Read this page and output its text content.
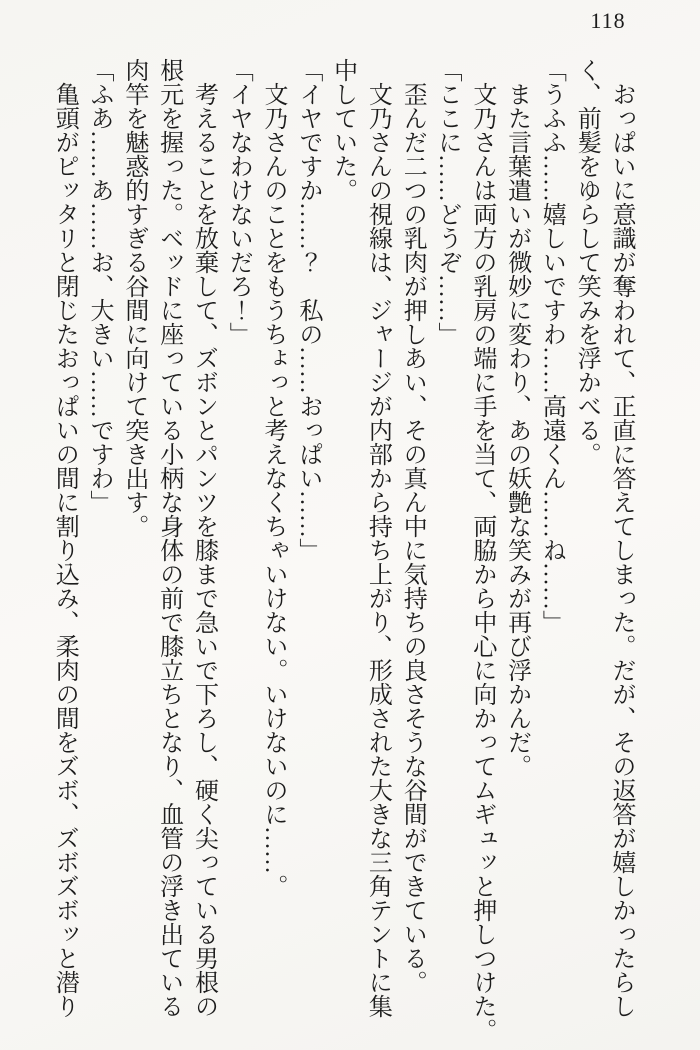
118

おっぱいに意識が奪われて、正直に答えてしまった。だが、その返答が嬉しかったらし

く、前髪をゆらして笑みを浮かべる。

「うふふ……嬉しいですわ……高遠くん……ね……」

また言葉遣いが微妙に変わり、あの妖艶な笑みが再び浮かんだ。

文乃さんは両方の乳房の端に手を当て、両脇から中心に向かってムギュッと押しつけた。

「ここに……どうぞ……」

歪んだ二つの乳肉が押しあい、その真ん中に気持ちの良さそうな谷間ができている。

文乃さんの視線は、ジャージが内部から持ち上がり、形成された大きな三角テントに集

中していた。

「イヤですか……？　私の……おっぱい……」

文乃さんのことをもうちょっと考えなくちゃいけない。いけないのに……。

「イヤなわけないだろ！」

考えることを放棄して、ズボンとパンツを膝まで急いで下ろし、硬く尖っている男根の

根元を握った。ベッドに座っている小柄な身体の前で膝立ちとなり、血管の浮き出ている

肉竿を魅惑的すぎる谷間に向けて突き出す。

「ふあ……あ……お、大きい……ですわ」

亀頭がピッタリと閉じたおっぱいの間に割り込み、柔肉の間をズボ、ズボズボッと潜り
